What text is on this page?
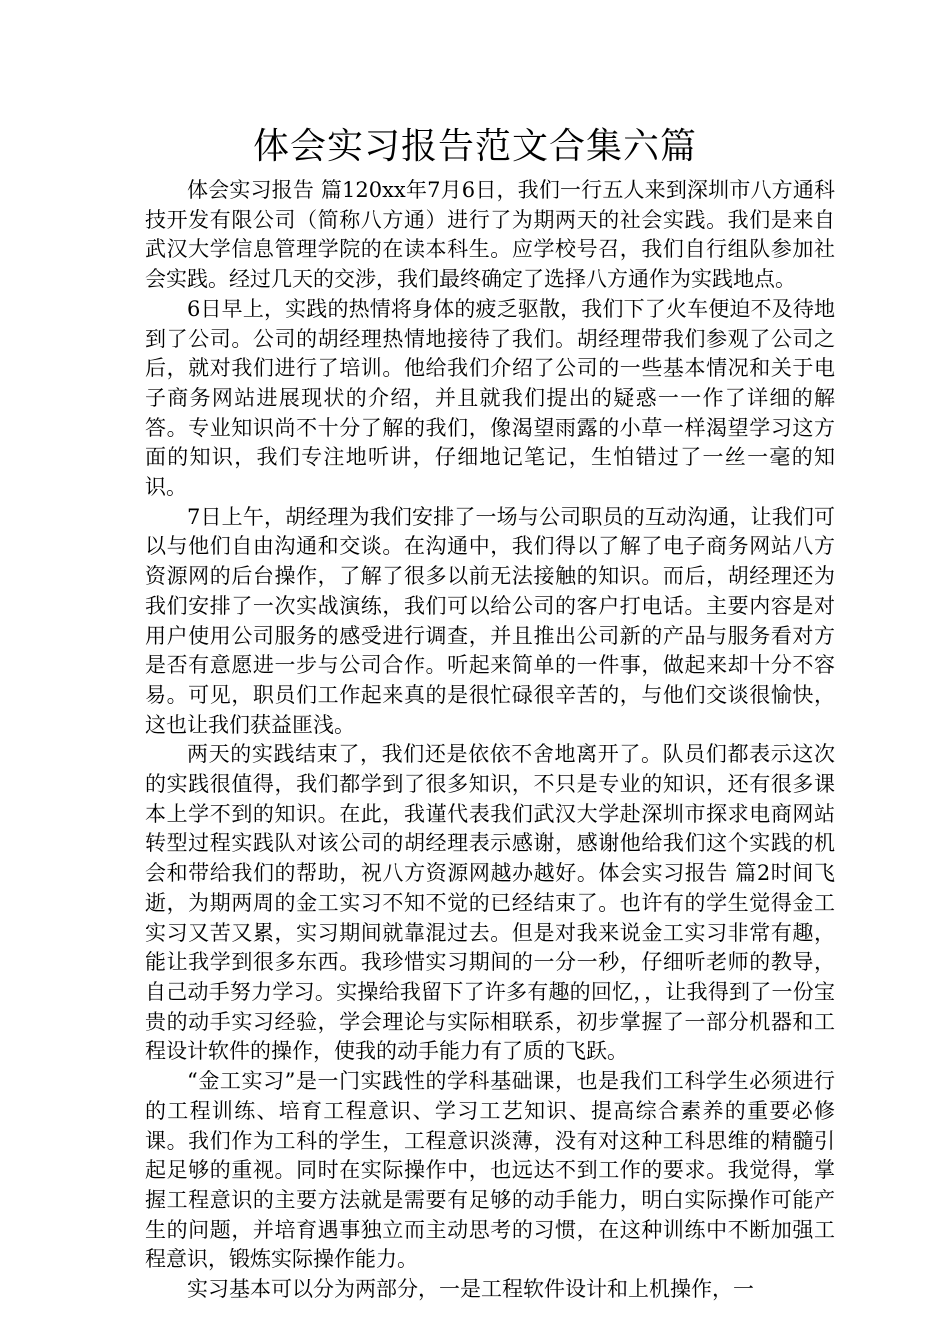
体会实习报告范文合集六篇

体会实习报告 篇120xx年7月6日，我们一行五人来到深圳市八方通科技开发有限公司（简称八方通）进行了为期两天的社会实践。我们是来自武汉大学信息管理学院的在读本科生。应学校号召，我们自行组队参加社会实践。经过几天的交涉，我们最终确定了选择八方通作为实践地点。

6日早上，实践的热情将身体的疲乏驱散，我们下了火车便迫不及待地到了公司。公司的胡经理热情地接待了我们。胡经理带我们参观了公司之后，就对我们进行了培训。他给我们介绍了公司的一些基本情况和关于电子商务网站进展现状的介绍，并且就我们提出的疑惑一一作了详细的解答。专业知识尚不十分了解的我们，像渴望雨露的小草一样渴望学习这方面的知识，我们专注地听讲，仔细地记笔记，生怕错过了一丝一毫的知识。

7日上午，胡经理为我们安排了一场与公司职员的互动沟通，让我们可以与他们自由沟通和交谈。在沟通中，我们得以了解了电子商务网站八方资源网的后台操作，了解了很多以前无法接触的知识。而后，胡经理还为我们安排了一次实战演练，我们可以给公司的客户打电话。主要内容是对用户使用公司服务的感受进行调查，并且推出公司新的产品与服务看对方是否有意愿进一步与公司合作。听起来简单的一件事，做起来却十分不容易。可见，职员们工作起来真的是很忙碌很辛苦的，与他们交谈很愉快，这也让我们获益匪浅。

两天的实践结束了，我们还是依依不舍地离开了。队员们都表示这次的实践很值得，我们都学到了很多知识，不只是专业的知识，还有很多课本上学不到的知识。在此，我谨代表我们武汉大学赴深圳市探求电商网站转型过程实践队对该公司的胡经理表示感谢，感谢他给我们这个实践的机会和带给我们的帮助，祝八方资源网越办越好。体会实习报告 篇2时间飞逝，为期两周的金工实习不知不觉的已经结束了。也许有的学生觉得金工实习又苦又累，实习期间就靠混过去。但是对我来说金工实习非常有趣，能让我学到很多东西。我珍惜实习期间的一分一秒，仔细听老师的教导，自己动手努力学习。实操给我留下了许多有趣的回忆，，让我得到了一份宝贵的动手实习经验，学会理论与实际相联系，初步掌握了一部分机器和工程设计软件的操作，使我的动手能力有了质的飞跃。

“金工实习”是一门实践性的学科基础课，也是我们工科学生必须进行的工程训练、培育工程意识、学习工艺知识、提高综合素养的重要必修课。我们作为工科的学生，工程意识淡薄，没有对这种工科思维的精髓引起足够的重视。同时在实际操作中，也远达不到工作的要求。我觉得，掌握工程意识的主要方法就是需要有足够的动手能力，明白实际操作可能产生的问题，并培育遇事独立而主动思考的习惯，在这种训练中不断加强工程意识，锻炼实际操作能力。

实习基本可以分为两部分，一是工程软件设计和上机操作，一
